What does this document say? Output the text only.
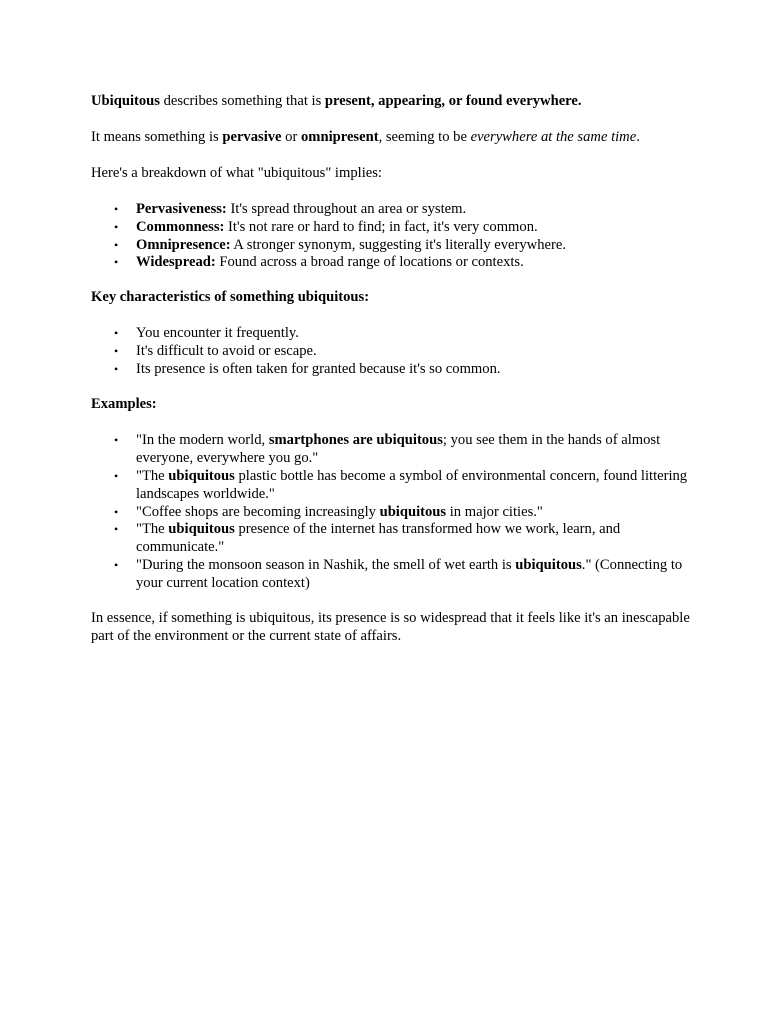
Ubiquitous describes something that is present, appearing, or found everywhere.

It means something is pervasive or omnipresent, seeming to be everywhere at the same time.

Here's a breakdown of what "ubiquitous" implies:

• Pervasiveness: It's spread throughout an area or system.
• Commonness: It's not rare or hard to find; in fact, it's very common.
• Omnipresence: A stronger synonym, suggesting it's literally everywhere.
• Widespread: Found across a broad range of locations or contexts.

Key characteristics of something ubiquitous:

• You encounter it frequently.
• It's difficult to avoid or escape.
• Its presence is often taken for granted because it's so common.

Examples:

• "In the modern world, smartphones are ubiquitous; you see them in the hands of almost everyone, everywhere you go."
• "The ubiquitous plastic bottle has become a symbol of environmental concern, found littering landscapes worldwide."
• "Coffee shops are becoming increasingly ubiquitous in major cities."
• "The ubiquitous presence of the internet has transformed how we work, learn, and communicate."
• "During the monsoon season in Nashik, the smell of wet earth is ubiquitous." (Connecting to your current location context)

In essence, if something is ubiquitous, its presence is so widespread that it feels like it's an inescapable part of the environment or the current state of affairs.
